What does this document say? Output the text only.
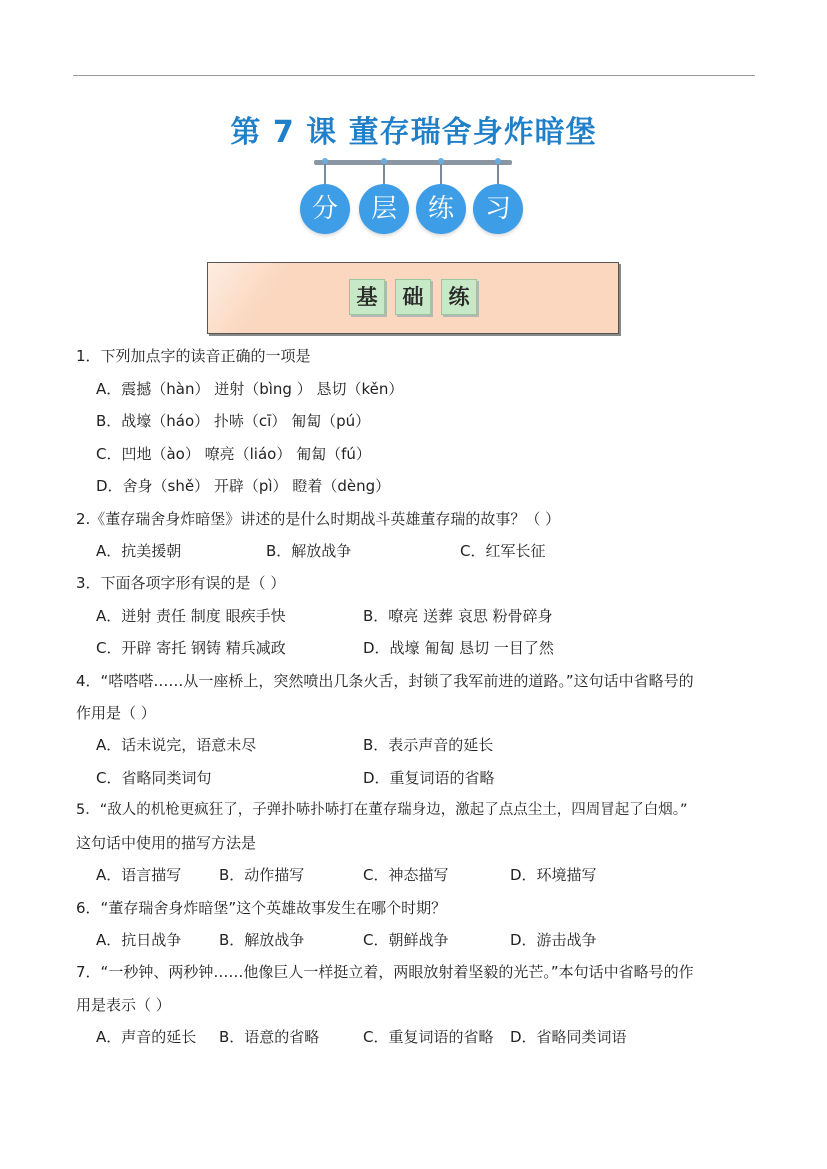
第 7 课 董存瑞舍身炸暗堡
分	层	练	习
基 础 练
1．下列加点字的读音正确的一项是
A．震撼（hàn） 迸射（bìng ） 恳切（kěn）
B．战壕（háo） 扑哧（cī） 匍匐（pú）
C．凹地（ào） 嘹亮（liáo） 匍匐（fú）
D．舍身（shě） 开辟（pì） 瞪着（dèng）
2.《董存瑞舍身炸暗堡》讲述的是什么时期战斗英雄董存瑞的故事？（ ）
A．抗美援朝	B．解放战争	C．红军长征
3．下面各项字形有误的是（ ）
A．迸射 责任 制度 眼疾手快	B．嘹亮 送葬 哀思 粉骨碎身
C．开辟 寄托 钢铸 精兵减政	D．战壕 匍匐 恳切 一目了然
4．“嗒嗒嗒……从一座桥上，突然喷出几条火舌，封锁了我军前进的道路。”这句话中省略号的
作用是（ ）
A．话未说完，语意未尽	B．表示声音的延长
C．省略同类词句	D．重复词语的省略
5．“敌人的机枪更疯狂了，子弹扑哧扑哧打在董存瑞身边，激起了点点尘土，四周冒起了白烟。”
这句话中使用的描写方法是
A．语言描写	B．动作描写	C．神态描写	D．环境描写
6．“董存瑞舍身炸暗堡”这个英雄故事发生在哪个时期？
A．抗日战争	B．解放战争	C．朝鲜战争	D．游击战争
7．“一秒钟、两秒钟……他像巨人一样挺立着，两眼放射着坚毅的光芒。”本句话中省略号的作
用是表示（ ）
A．声音的延长 B．语意的省略	C．重复词语的省略 D．省略同类词语
